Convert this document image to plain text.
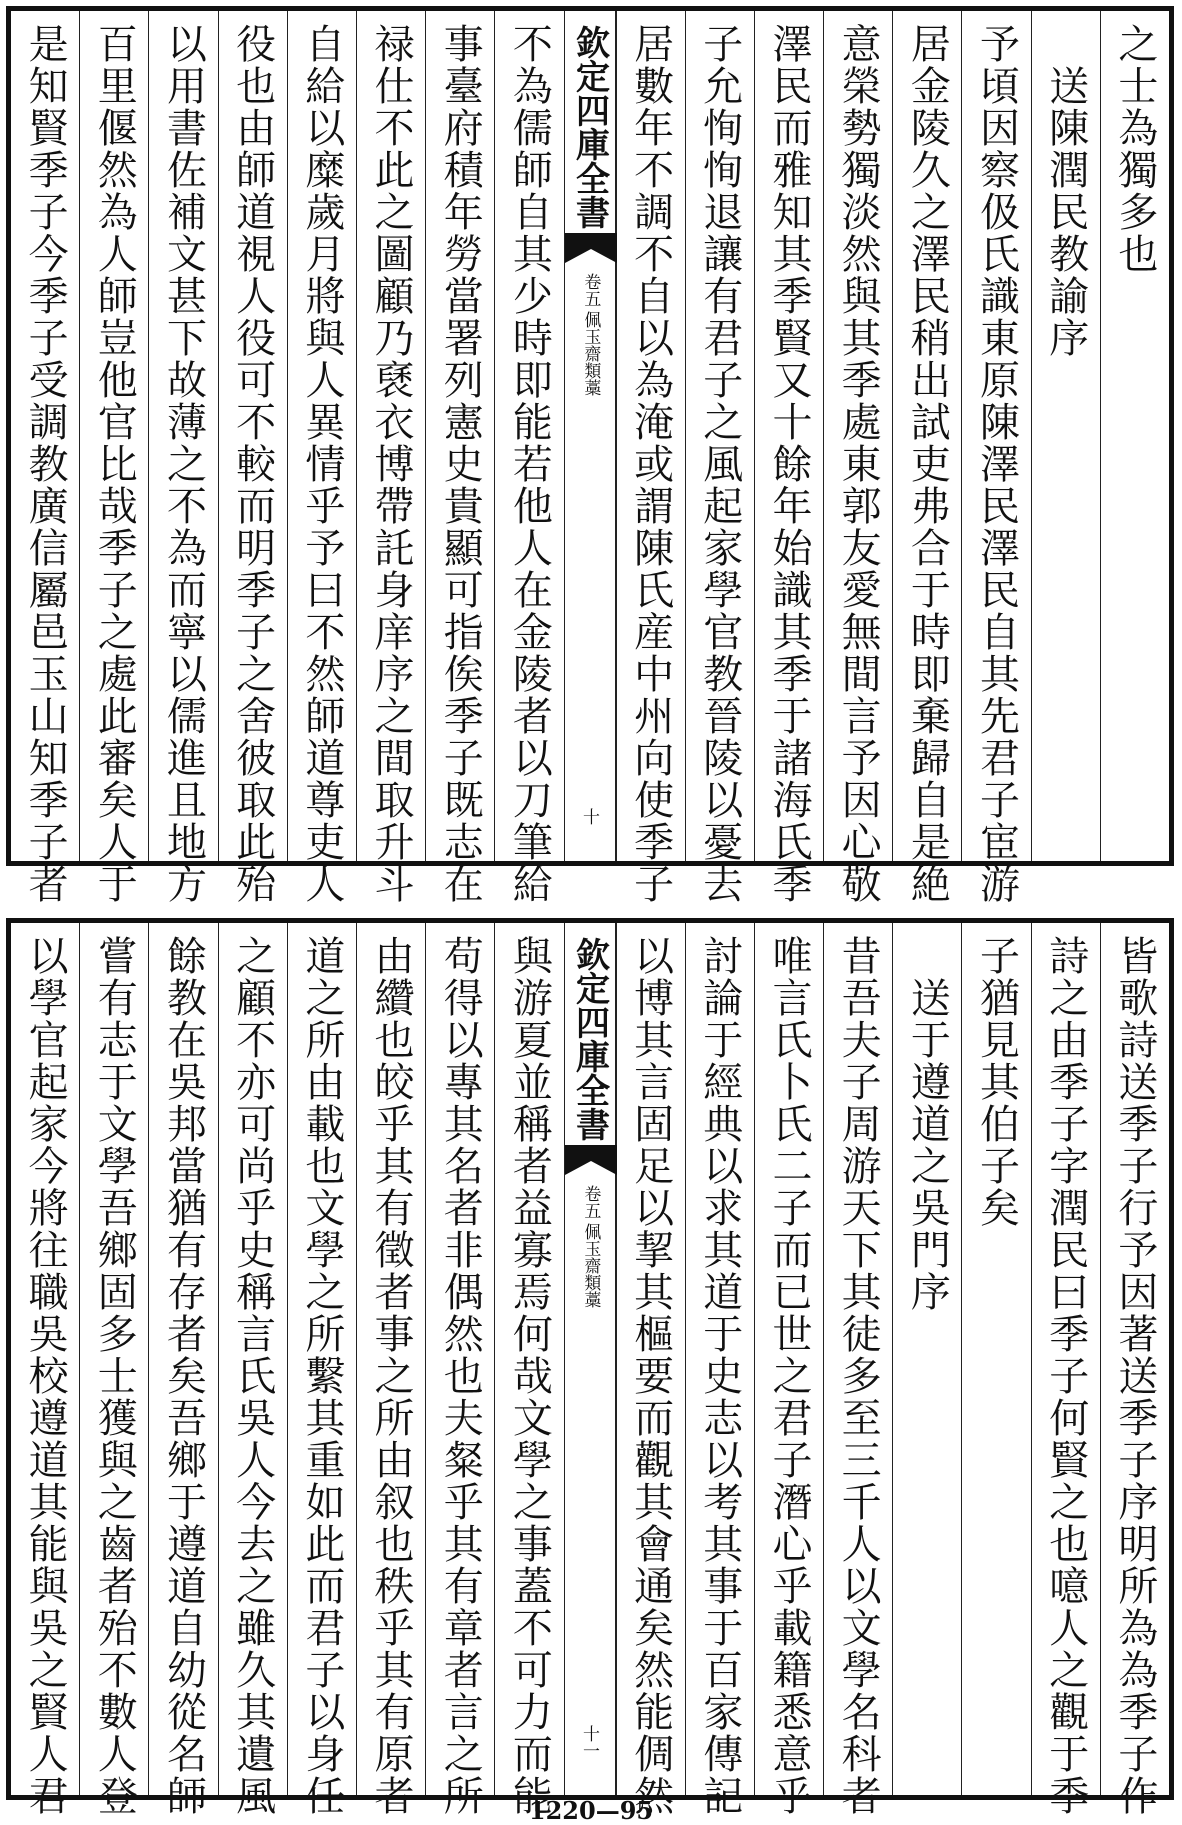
之士為獨多也
　送陳潤民教諭序
予頃因察伋氏識東原陳澤民澤民自其先君子宦游
居金陵久之澤民稍出試吏弗合于時即棄歸自是絶
意榮勢獨淡然與其季處東郭友愛無間言予因心敬
澤民而雅知其季賢又十餘年始識其季于諸海氏季
子允恂恂退讓有君子之風起家學官教晉陵以憂去
居數年不調不自以為淹或謂陳氏産中州向使季子
欽定四庫全書
佩玉齋類藁
卷五
十
不為儒師自其少時即能若他人在金陵者以刀筆給
事臺府積年勞當署列憲史貴顯可指俟季子既志在
禄仕不此之圖顧乃褎衣博帶託身庠序之間取升斗
自給以糜歲月將與人異情乎予曰不然師道尊吏人
役也由師道視人役可不較而明季子之舍彼取此殆
以用書佐補文甚下故薄之不為而寧以儒進且地方
百里偃然為人師豈他官比哉季子之處此審矣人于
是知賢季子今季子受調教廣信屬邑玉山知季子者
皆歌詩送季子行予因著送季子序明所為為季子作
詩之由季子字潤民曰季子何賢之也噫人之觀于季
子猶見其伯子矣
　送于遵道之吳門序
昔吾夫子周游天下其徒多至三千人以文學名科者
唯言氏卜氏二子而已世之君子潛心乎載籍悉意乎
討論于經典以求其道于史志以考其事于百家傳記
以博其言固足以挈其樞要而觀其會通矣然能倜然
欽定四庫全書
佩玉齋類藁
卷五
十一
與游夏並稱者益寡焉何哉文學之事蓋不可力而能
苟得以專其名者非偶然也夫粲乎其有章者言之所
由纘也皎乎其有徵者事之所由叙也秩乎其有原者
道之所由載也文學之所繫其重如此而君子以身任
之顧不亦可尚乎史稱言氏吳人今去之雖久其遺風
餘教在吳邦當猶有存者矣吾鄉于遵道自幼從名師
嘗有志于文學吾鄉固多士獲與之齒者殆不數人登
以學官起家今將往職吳校遵道其能與吳之賢人君	1220—95
